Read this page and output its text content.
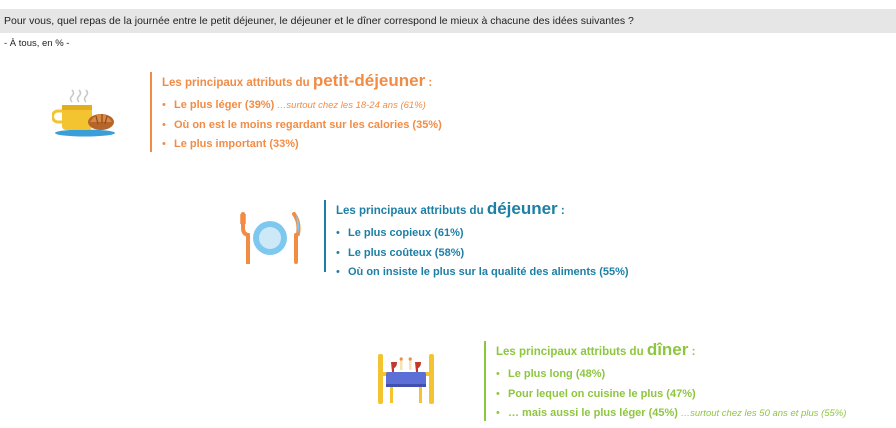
Pour vous, quel repas de la journée entre le petit déjeuner, le déjeuner et le dîner correspond le mieux à chacune des idées suivantes ?
- À tous, en % -
Les principaux attributs du petit-déjeuner :
• Le plus léger (39%) …surtout chez les 18-24 ans (61%)
• Où on est le moins regardant sur les calories (35%)
• Le plus important (33%)
Les principaux attributs du déjeuner :
• Le plus copieux (61%)
• Le plus coûteux (58%)
• Où on insiste le plus sur la qualité des aliments (55%)
Les principaux attributs du dîner :
• Le plus long (48%)
• Pour lequel on cuisine le plus (47%)
• … mais aussi le plus léger (45%) …surtout chez les 50 ans et plus (55%)
